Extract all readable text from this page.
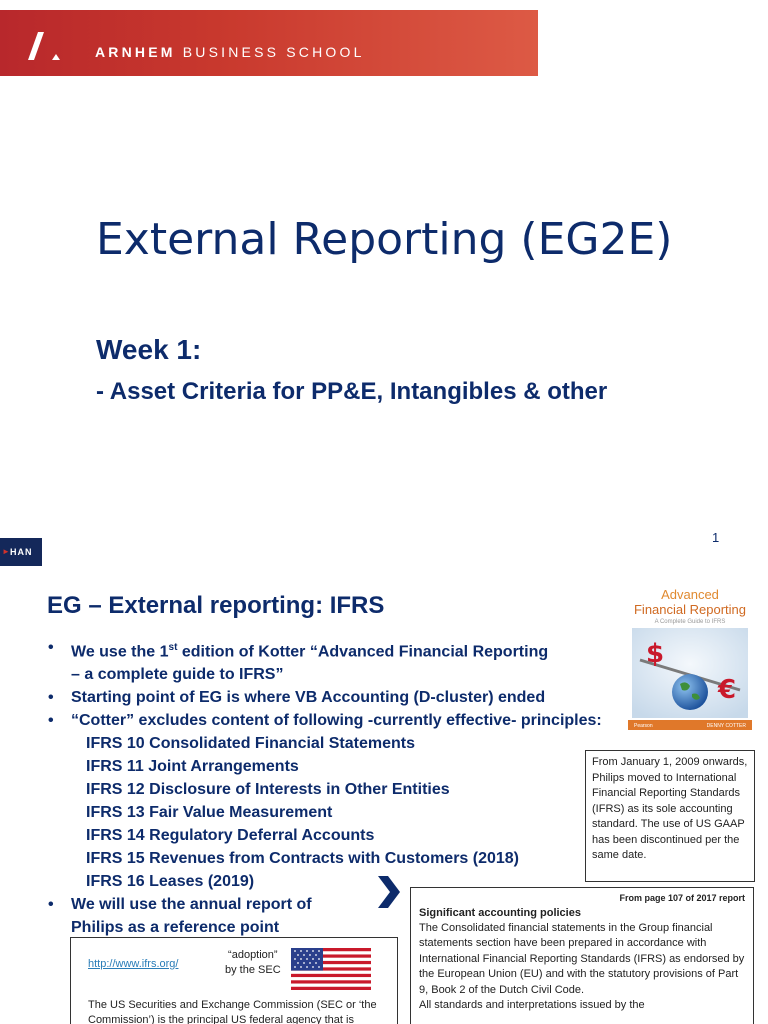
ARNHEM BUSINESS SCHOOL
External Reporting (EG2E)
Week 1:
- Asset Criteria for PP&E, Intangibles & other
1
► HAN
EG – External reporting: IFRS
• We use the 1st edition of Kotter “Advanced Financial Reporting
– a complete guide to IFRS”
• Starting point of EG is where VB Accounting (D-cluster) ended
• “Cotter” excludes content of following -currently effective- principles:
IFRS 10 Consolidated Financial Statements
IFRS 11 Joint Arrangements
IFRS 12 Disclosure of Interests in Other Entities
IFRS 13 Fair Value Measurement
IFRS 14 Regulatory Deferral Accounts
IFRS 15 Revenues from Contracts with Customers (2018)
IFRS 16 Leases (2019)
• We will use the annual report of
Philips as a reference point
Advanced
Financial Reporting
A Complete Guide to IFRS
$
€
Pearson	DENNY COTTER
From January 1, 2009 onwards, Philips moved to International Financial Reporting Standards (IFRS) as its sole accounting standard. The use of US GAAP has been discontinued per the same date.
From page 107 of 2017 report
Significant accounting policies
The Consolidated financial statements in the Group financial statements section have been prepared in accordance with International Financial Reporting Standards (IFRS) as endorsed by the European Union (EU) and with the statutory provisions of Part 9, Book 2 of the Dutch Civil Code.
All standards and interpretations issued by the
http://www.ifrs.org/
“adoption”
by the SEC
The US Securities and Exchange Commission (SEC or ‘the Commission’) is the principal US federal agency that is
